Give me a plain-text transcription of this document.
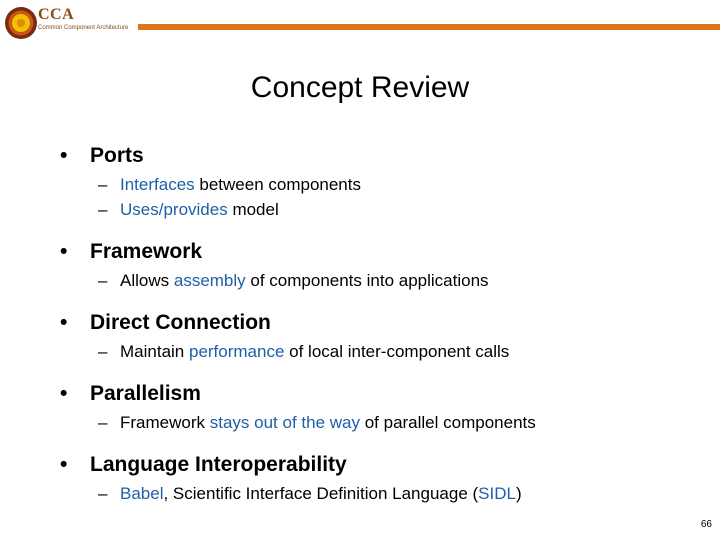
CCA
Common Component Architecture
Concept Review
•	Ports
– Interfaces between components
– Uses/provides model
•	Framework
– Allows assembly of components into applications
•	Direct Connection
– Maintain performance of local inter-component calls
•	Parallelism
– Framework stays out of the way of parallel components
•	Language Interoperability
– Babel, Scientific Interface Definition Language (SIDL)
66
